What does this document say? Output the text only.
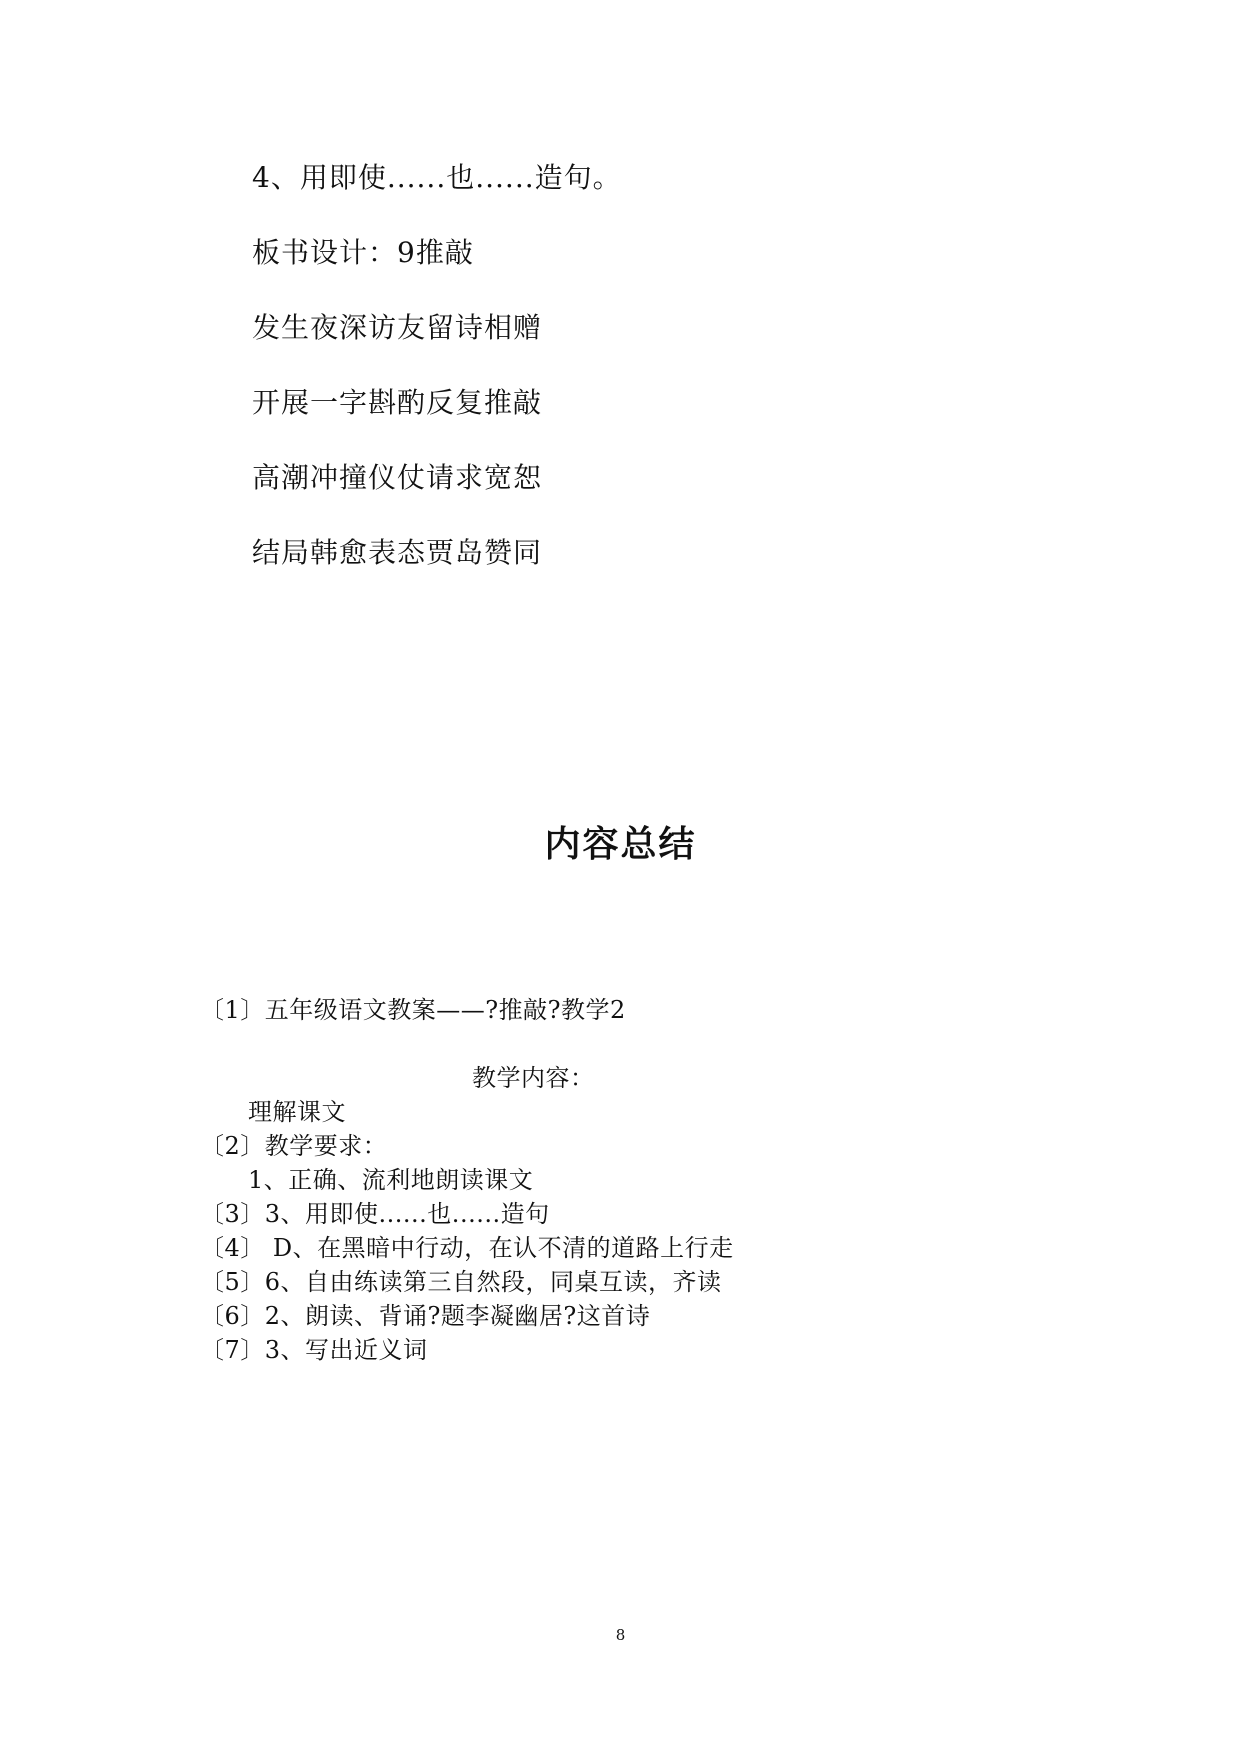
4、用即使......也......造句。
板书设计：9推敲
发生夜深访友留诗相赠
开展一字斟酌反复推敲
高潮冲撞仪仗请求宽恕
结局韩愈表态贾岛赞同
内容总结
〔1〕五年级语文教案——?推敲?教学2
教学内容：
理解课文
〔2〕教学要求：
1、正确、流利地朗读课文
〔3〕3、用即使......也......造句
〔4〕 D、在黑暗中行动，在认不清的道路上行走
〔5〕6、自由练读第三自然段，同桌互读，齐读
〔6〕2、朗读、背诵?题李凝幽居?这首诗
〔7〕3、写出近义词
8
